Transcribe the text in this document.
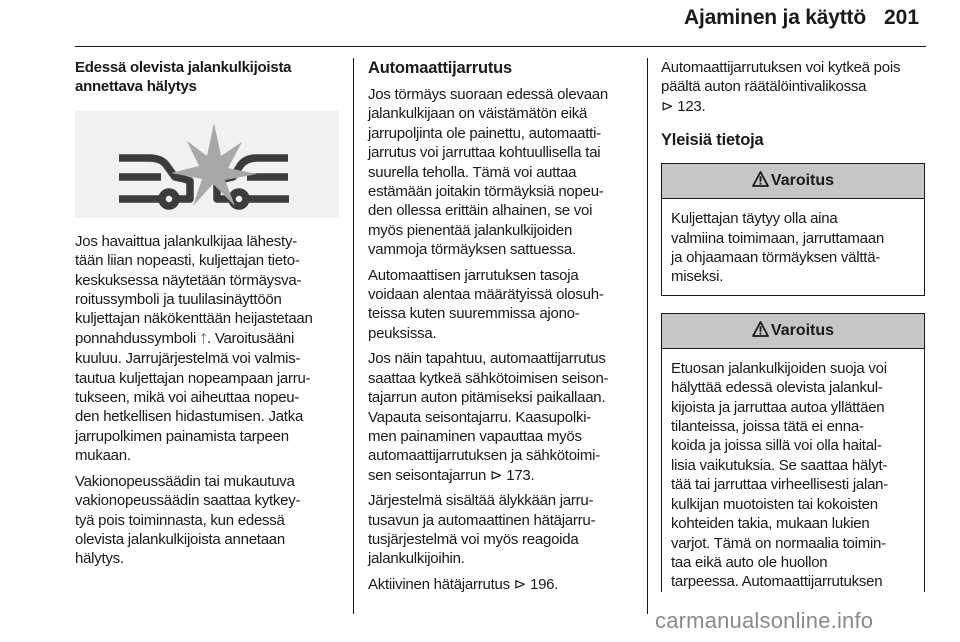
Ajaminen ja käyttö 201
Edessä olevista jalankulkijoista
annettava hälytys
Jos havaittua jalankulkijaa lähesty-
tään liian nopeasti, kuljettajan tieto-
keskuksessa näytetään törmäysva-
roitussymboli ja tuulilasinäyttöön
kuljettajan näkökenttään heijastetaan
ponnahdussymboli ᛏ. Varoitusääni
kuuluu. Jarrujärjestelmä voi valmis-
tautua kuljettajan nopeampaan jarru-
tukseen, mikä voi aiheuttaa nopeu-
den hetkellisen hidastumisen. Jatka
jarrupolkimen painamista tarpeen
mukaan.
Vakionopeussäädin tai mukautuva
vakionopeussäädin saattaa kytkey-
tyä pois toiminnasta, kun edessä
olevista jalankulkijoista annetaan
hälytys.
Automaattijarrutus
Jos törmäys suoraan edessä olevaan
jalankulkijaan on väistämätön eikä
jarrupoljinta ole painettu, automaatti-
jarrutus voi jarruttaa kohtuullisella tai
suurella teholla. Tämä voi auttaa
estämään joitakin törmäyksiä nopeu-
den ollessa erittäin alhainen, se voi
myös pienentää jalankulkijoiden
vammoja törmäyksen sattuessa.
Automaattisen jarrutuksen tasoja
voidaan alentaa määrätyissä olosuh-
teissa kuten suuremmissa ajono-
peuksissa.
Jos näin tapahtuu, automaattijarrutus
saattaa kytkeä sähkötoimisen seison-
tajarrun auton pitämiseksi paikallaan.
Vapauta seisontajarru. Kaasupolki-
men painaminen vapauttaa myös
automaattijarrutuksen ja sähkötoimi-
sen seisontajarrun ⊳ 173.
Järjestelmä sisältää älykkään jarru-
tusavun ja automaattinen hätäjarru-
tusjärjestelmä voi myös reagoida
jalankulkijoihin.
Aktiivinen hätäjarrutus ⊳ 196.
Automaattijarrutuksen voi kytkeä pois
päältä auton räätälöintivalikossa
⊳ 123.
Yleisiä tietoja
Varoitus
Kuljettajan täytyy olla aina
valmiina toimimaan, jarruttamaan
ja ohjaamaan törmäyksen välttä-
miseksi.
Varoitus
Etuosan jalankulkijoiden suoja voi
hälyttää edessä olevista jalankul-
kijoista ja jarruttaa autoa yllättäen
tilanteissa, joissa tätä ei enna-
koida ja joissa sillä voi olla haital-
lisia vaikutuksia. Se saattaa hälyt-
tää tai jarruttaa virheellisesti jalan-
kulkijan muotoisten tai kokoisten
kohteiden takia, mukaan lukien
varjot. Tämä on normaalia toimin-
taa eikä auto ole huollon
tarpeessa. Automaattijarrutuksen
carmanualsonline.info
